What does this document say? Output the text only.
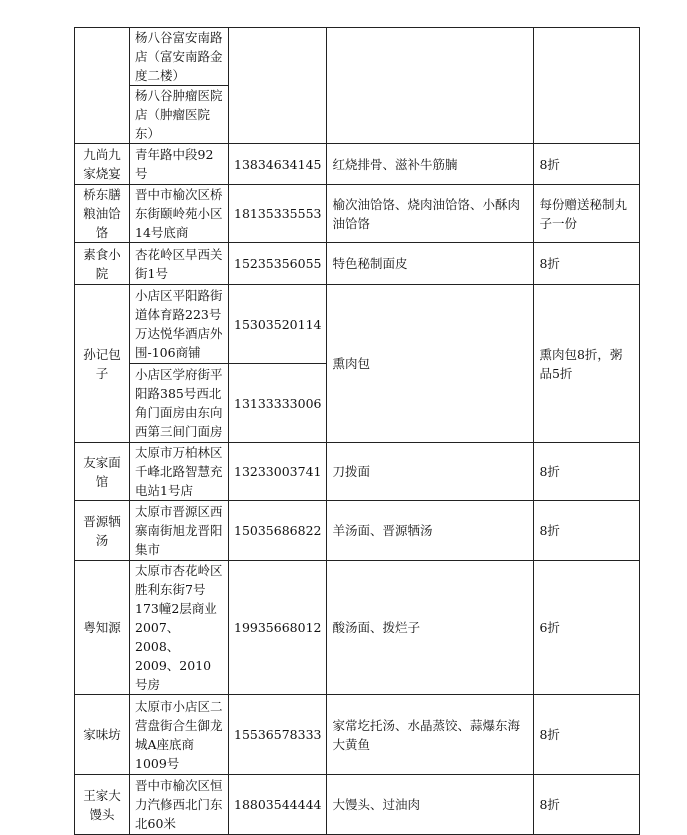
	杨八谷富安南路店（富安南路金度二楼）			
	杨八谷肿瘤医院店（肿瘤医院东）			
九尚九家烧宴	青年路中段92号	13834634145	红烧排骨、滋补牛筋腩	8折
桥东膳粮油饸饹	晋中市榆次区桥东街颐岭苑小区14号底商	18135335553	榆次油饸饹、烧肉油饸饹、小酥肉油饸饹	每份赠送秘制丸子一份
素食小院	杏花岭区早西关街1号	15235356055	特色秘制面皮	8折
孙记包子	小店区平阳路街道体育路223号万达悦华酒店外围-106商铺	15303520114	熏肉包	熏肉包8折，粥品5折
	小店区学府街平阳路385号西北角门面房由东向西第三间门面房	13133333006		
友家面馆	太原市万柏林区千峰北路智慧充电站1号店	13233003741	刀拨面	8折
晋源牺汤	太原市晋源区西寨南街旭龙晋阳集市	15035686822	羊汤面、晋源牺汤	8折
粤知源	太原市杏花岭区胜利东街7号173幢2层商业2007、2008、2009、2010号房	19935668012	酸汤面、拨烂子	6折
家味坊	太原市小店区二营盘街合生御龙城A座底商1009号	15536578333	家常圪托汤、水晶蒸饺、蒜爆东海大黄鱼	8折
王家大馒头	晋中市榆次区恒力汽修西北门东北60米	18803544444	大馒头、过油肉	8折
